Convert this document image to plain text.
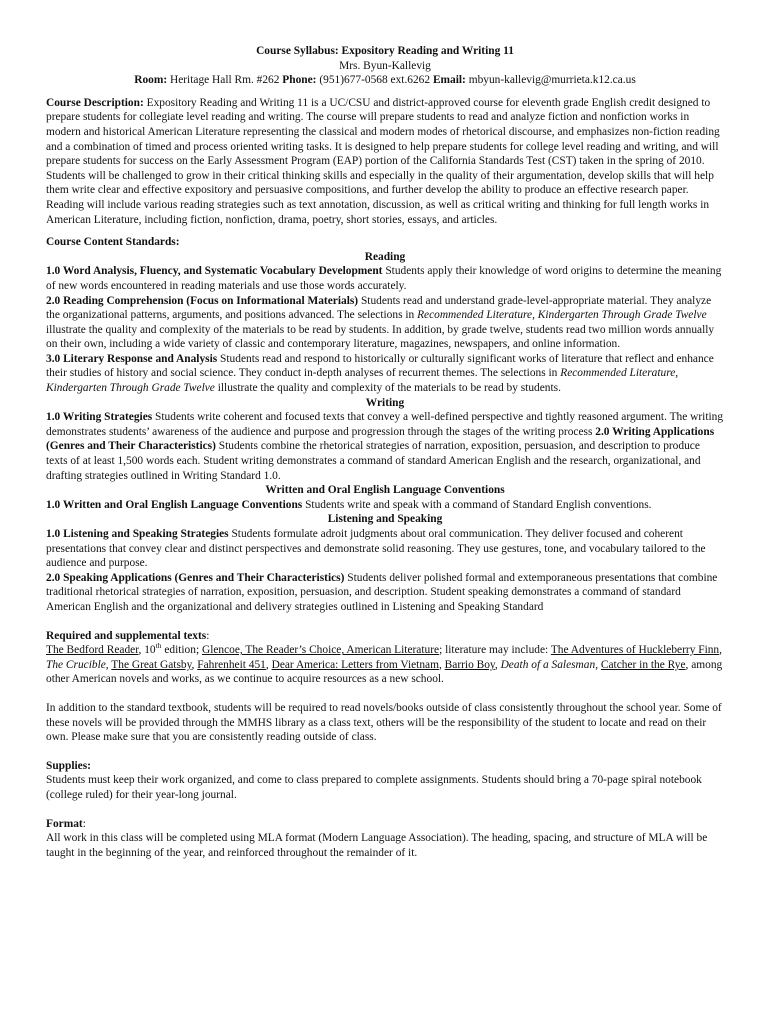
Course Syllabus: Expository Reading and Writing 11
Mrs. Byun-Kallevig
Room: Heritage Hall Rm. #262 Phone: (951)677-0568 ext.6262 Email: mbyun-kallevig@murrieta.k12.ca.us

Course Description: Expository Reading and Writing 11 is a UC/CSU and district-approved course for eleventh grade English credit designed to prepare students for collegiate level reading and writing. The course will prepare students to read and analyze fiction and nonfiction works in modern and historical American Literature representing the classical and modern modes of rhetorical discourse, and emphasizes non-fiction reading and a combination of timed and process oriented writing tasks. It is designed to help prepare students for college level reading and writing, and will prepare students for success on the Early Assessment Program (EAP) portion of the California Standards Test (CST) taken in the spring of 2010. Students will be challenged to grow in their critical thinking skills and especially in the quality of their argumentation, develop skills that will help them write clear and effective expository and persuasive compositions, and further develop the ability to produce an effective research paper. Reading will include various reading strategies such as text annotation, discussion, as well as critical writing and thinking for full length works in American Literature, including fiction, nonfiction, drama, poetry, short stories, essays, and articles.

Course Content Standards:

Reading

1.0 Word Analysis, Fluency, and Systematic Vocabulary Development Students apply their knowledge of word origins to determine the meaning of new words encountered in reading materials and use those words accurately.

2.0 Reading Comprehension (Focus on Informational Materials) Students read and understand grade-level-appropriate material. They analyze the organizational patterns, arguments, and positions advanced. The selections in Recommended Literature, Kindergarten Through Grade Twelve illustrate the quality and complexity of the materials to be read by students. In addition, by grade twelve, students read two million words annually on their own, including a wide variety of classic and contemporary literature, magazines, newspapers, and online information.

3.0 Literary Response and Analysis Students read and respond to historically or culturally significant works of literature that reflect and enhance their studies of history and social science. They conduct in-depth analyses of recurrent themes. The selections in Recommended Literature, Kindergarten Through Grade Twelve illustrate the quality and complexity of the materials to be read by students.

Writing

1.0 Writing Strategies Students write coherent and focused texts that convey a well-defined perspective and tightly reasoned argument. The writing demonstrates students’ awareness of the audience and purpose and progression through the stages of the writing process 2.0 Writing Applications (Genres and Their Characteristics) Students combine the rhetorical strategies of narration, exposition, persuasion, and description to produce texts of at least 1,500 words each. Student writing demonstrates a command of standard American English and the research, organizational, and drafting strategies outlined in Writing Standard 1.0.

Written and Oral English Language Conventions

1.0 Written and Oral English Language Conventions Students write and speak with a command of Standard English conventions.

Listening and Speaking

1.0 Listening and Speaking Strategies Students formulate adroit judgments about oral communication. They deliver focused and coherent presentations that convey clear and distinct perspectives and demonstrate solid reasoning. They use gestures, tone, and vocabulary tailored to the audience and purpose.

2.0 Speaking Applications (Genres and Their Characteristics) Students deliver polished formal and extemporaneous presentations that combine traditional rhetorical strategies of narration, exposition, persuasion, and description. Student speaking demonstrates a command of standard American English and the organizational and delivery strategies outlined in Listening and Speaking Standard

Required and supplemental texts:

The Bedford Reader, 10th edition; Glencoe, The Reader’s Choice, American Literature; literature may include: The Adventures of Huckleberry Finn, The Crucible, The Great Gatsby, Fahrenheit 451, Dear America: Letters from Vietnam, Barrio Boy, Death of a Salesman, Catcher in the Rye, among other American novels and works, as we continue to acquire resources as a new school.

In addition to the standard textbook, students will be required to read novels/books outside of class consistently throughout the school year. Some of these novels will be provided through the MMHS library as a class text, others will be the responsibility of the student to locate and read on their own. Please make sure that you are consistently reading outside of class.

Supplies:

Students must keep their work organized, and come to class prepared to complete assignments. Students should bring a 70-page spiral notebook (college ruled) for their year-long journal.

Format:

All work in this class will be completed using MLA format (Modern Language Association). The heading, spacing, and structure of MLA will be taught in the beginning of the year, and reinforced throughout the remainder of it.
